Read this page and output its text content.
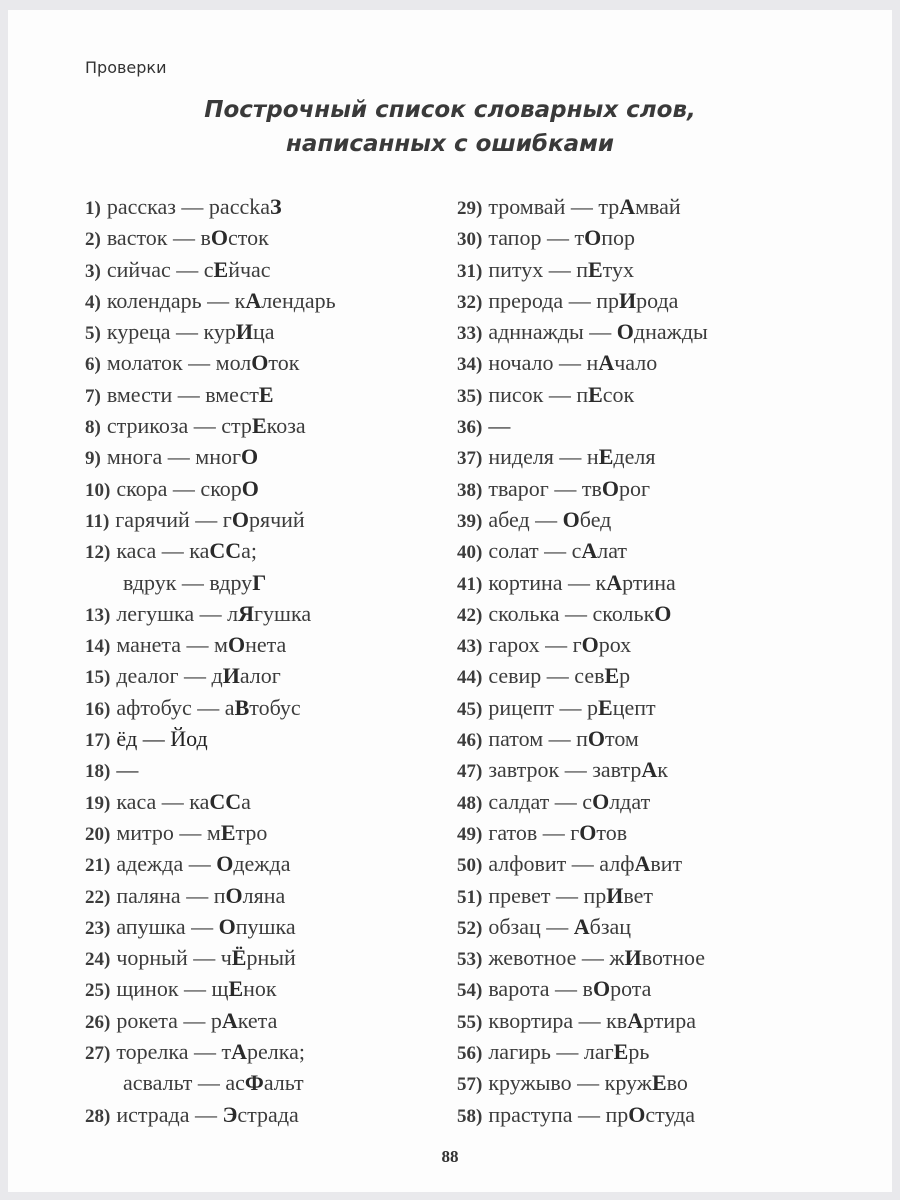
Проверки
Построчный список словарных слов,
написанных с ошибками
1) рассказ — рассkаЗ
2) васток — вОсток
3) сийчас — сЕйчас
4) колендарь — кАлендарь
5) куреца — курИца
6) молаток — молОток
7) вмести — вместЕ
8) стрикоза — стрЕкоза
9) многа — многО
10) скора — скорО
11) гарячий — гОрячий
12) каса — каССа;
вдрук — вдруГ
13) легушка — лЯгушка
14) манета — мОнета
15) деалог — дИалог
16) афтобус — аВтобус
17) ёд — Йод
18) —
19) каса — каССа
20) митро — мЕтро
21) адежда — Одежда
22) паляна — пОляна
23) апушка — Опушка
24) чорный — чЁрный
25) щинок — щЕнок
26) рокета — рАкета
27) торелка — тАрелка;
асвальт — асФальт
28) истрада — Эстрада
29) тромвай — трАмвай
30) тапор — тОпор
31) питух — пЕтух
32) прерода — прИрода
33) адннажды — Однажды
34) ночало — нАчало
35) писок — пЕсок
36) —
37) ниделя — нЕделя
38) тварог — твОрог
39) абед — Обед
40) солат — сАлат
41) кортина — кАртина
42) сколька — сколькО
43) гарох — гОрох
44) севир — севЕр
45) рицепт — рЕцепт
46) патом — пОтом
47) завтрок — завтрАк
48) салдат — сОлдат
49) гатов — гОтов
50) алфовит — алфАвит
51) превет — прИвет
52) обзац — Абзац
53) жевотное — жИвотное
54) варота — вОрота
55) квортира — квАртира
56) лагирь — лагЕрь
57) кружыво — кружЕво
58) праступа — прОстуда
88
